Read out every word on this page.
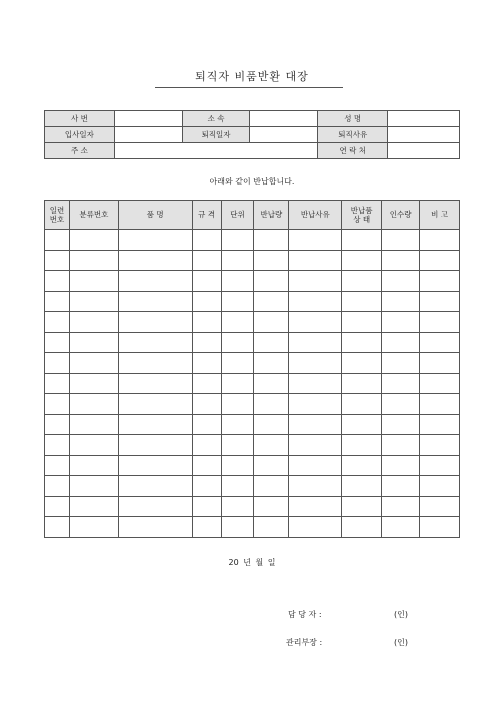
퇴직자 비품반환 대장
사 번		소 속		성 명	
입사일자		퇴직일자		퇴직사유	
주 소				연 락 처	
아래와 같이 반납합니다.
일련
번호	분류번호	품 명	규 격	단위	반납량	반납사유	반납품
상 태	인수량	비 고

20 년 월 일
담 당 자 :	(인)
관리부장 :	(인)
